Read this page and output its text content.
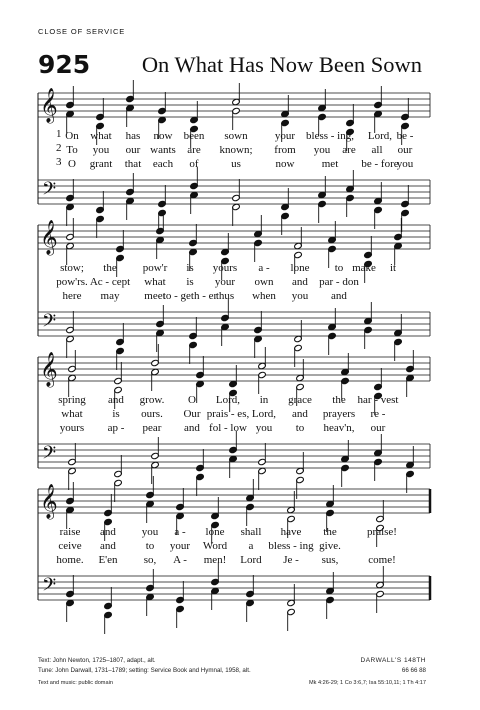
CLOSE OF SERVICE
925 On What Has Now Been Sown
𝄞
𝄢
1
2
3
On what has now been sown your bless - ing, Lord, be -
To you our wants are known; from you are all our
O grant that each of	us	now met be - fore
you
𝄞
𝄢
stow; the pow'r is yours a - lone to make it
pow'rs. Ac - cept what is your own and par - don
here may meet
to - geth - er
thus when you and
𝄞
𝄢
spring and grow. O Lord, in grace the har - vest
what	is ours. Our prais - es, Lord, and prayers re -
yours ap - pear and fol - low you to heav'n, our
𝄞
𝄢
raise and you a - lone shall have the	praise!
ceive and	to your Word a bless - ing give.
home. E'en so, A - men! Lord Je - sus,	come!
Text: John Newton, 1725–1807, adapt., alt.
Tune: John Darwall, 1731–1789; setting: Service Book and Hymnal, 1958, alt.
Text and music: public domain
DARWALL'S 148TH
66 66 88
Mk 4:26-29; 1 Co 3:6,7; Isa 55:10,11; 1 Th 4:17
